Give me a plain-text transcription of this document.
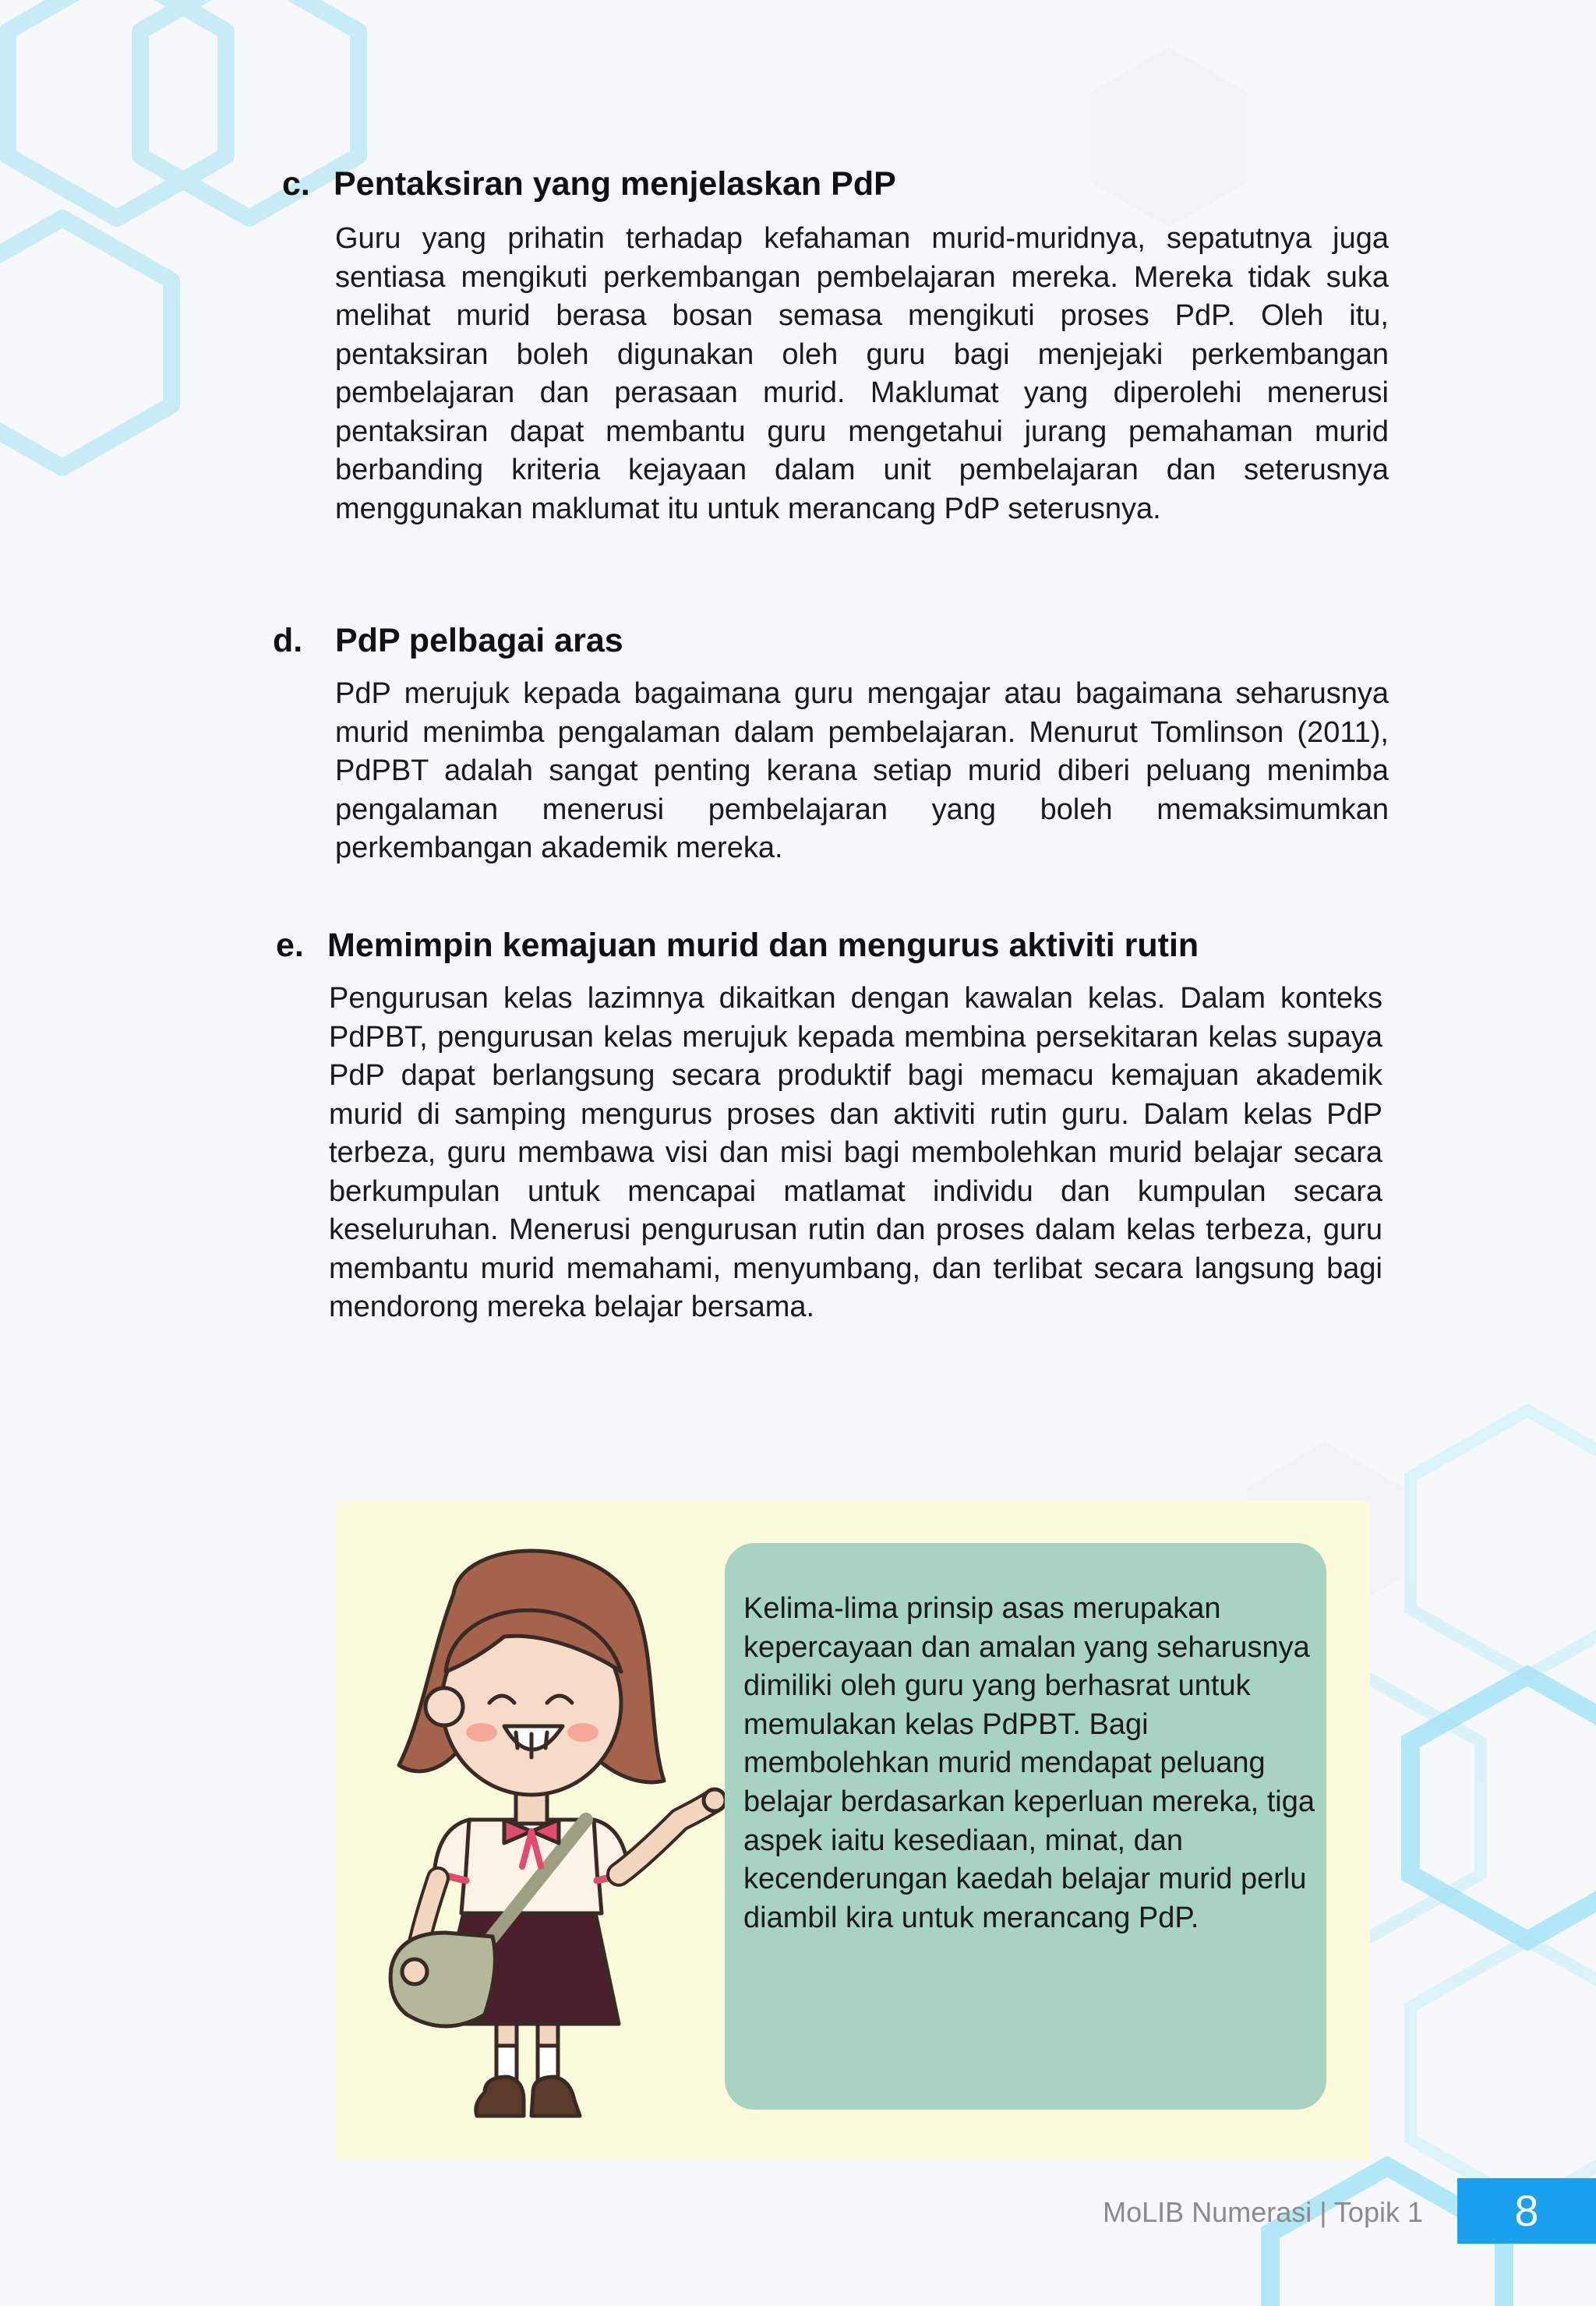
c. Pentaksiran yang menjelaskan PdP
Guru yang prihatin terhadap kefahaman murid-muridnya, sepatutnya juga sentiasa mengikuti perkembangan pembelajaran mereka. Mereka tidak suka melihat murid berasa bosan semasa mengikuti proses PdP. Oleh itu, pentaksiran boleh digunakan oleh guru bagi menjejaki perkembangan pembelajaran dan perasaan murid. Maklumat yang diperolehi menerusi pentaksiran dapat membantu guru mengetahui jurang pemahaman murid berbanding kriteria kejayaan dalam unit pembelajaran dan seterusnya menggunakan maklumat itu untuk merancang PdP seterusnya.
d. PdP pelbagai aras
PdP merujuk kepada bagaimana guru mengajar atau bagaimana seharusnya murid menimba pengalaman dalam pembelajaran. Menurut Tomlinson (2011), PdPBT adalah sangat penting kerana setiap murid diberi peluang menimba pengalaman menerusi pembelajaran yang boleh memaksimumkan perkembangan akademik mereka.
e. Memimpin kemajuan murid dan mengurus aktiviti rutin
Pengurusan kelas lazimnya dikaitkan dengan kawalan kelas. Dalam konteks PdPBT, pengurusan kelas merujuk kepada membina persekitaran kelas supaya PdP dapat berlangsung secara produktif bagi memacu kemajuan akademik murid di samping mengurus proses dan aktiviti rutin guru. Dalam kelas PdP terbeza, guru membawa visi dan misi bagi membolehkan murid belajar secara berkumpulan untuk mencapai matlamat individu dan kumpulan secara keseluruhan. Menerusi pengurusan rutin dan proses dalam kelas terbeza, guru membantu murid memahami, menyumbang, dan terlibat secara langsung bagi mendorong mereka belajar bersama.
Kelima-lima prinsip asas merupakan kepercayaan dan amalan yang seharusnya dimiliki oleh guru yang berhasrat untuk memulakan kelas PdPBT. Bagi membolehkan murid mendapat peluang belajar berdasarkan keperluan mereka, tiga aspek iaitu kesediaan, minat, dan kecenderungan kaedah belajar murid perlu diambil kira untuk merancang PdP.
MoLIB Numerasi | Topik 1	8
